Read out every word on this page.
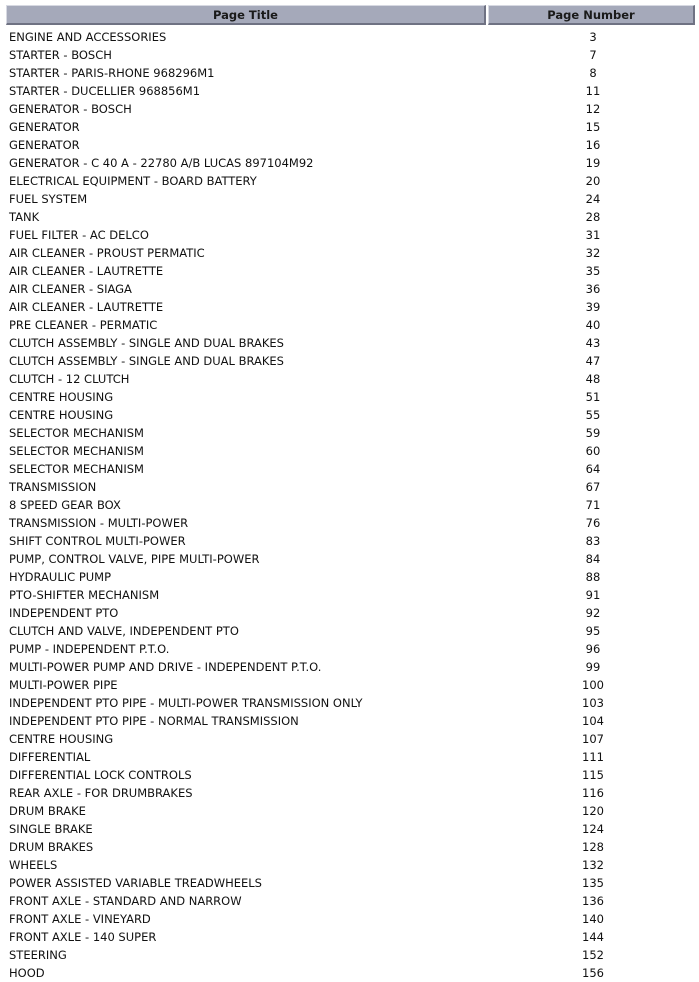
Page Title	Page Number

ENGINE AND ACCESSORIES	3
STARTER - BOSCH	7
STARTER - PARIS-RHONE 968296M1	8
STARTER - DUCELLIER 968856M1	11
GENERATOR - BOSCH	12
GENERATOR	15
GENERATOR	16
GENERATOR - C 40 A - 22780 A/B LUCAS 897104M92	19
ELECTRICAL EQUIPMENT - BOARD BATTERY	20
FUEL SYSTEM	24
TANK	28
FUEL FILTER - AC DELCO	31
AIR CLEANER - PROUST PERMATIC	32
AIR CLEANER - LAUTRETTE	35
AIR CLEANER - SIAGA	36
AIR CLEANER - LAUTRETTE	39
PRE CLEANER - PERMATIC	40
CLUTCH ASSEMBLY - SINGLE AND DUAL BRAKES	43
CLUTCH ASSEMBLY - SINGLE AND DUAL BRAKES	47
CLUTCH - 12 CLUTCH	48
CENTRE HOUSING	51
CENTRE HOUSING	55
SELECTOR MECHANISM	59
SELECTOR MECHANISM	60
SELECTOR MECHANISM	64
TRANSMISSION	67
8 SPEED GEAR BOX	71
TRANSMISSION - MULTI-POWER	76
SHIFT CONTROL MULTI-POWER	83
PUMP, CONTROL VALVE, PIPE MULTI-POWER	84
HYDRAULIC PUMP	88
PTO-SHIFTER MECHANISM	91
INDEPENDENT PTO	92
CLUTCH AND VALVE, INDEPENDENT PTO	95
PUMP - INDEPENDENT P.T.O.	96
MULTI-POWER PUMP AND DRIVE - INDEPENDENT P.T.O.	99
MULTI-POWER PIPE	100
INDEPENDENT PTO PIPE - MULTI-POWER TRANSMISSION ONLY	103
INDEPENDENT PTO PIPE - NORMAL TRANSMISSION	104
CENTRE HOUSING	107
DIFFERENTIAL	111
DIFFERENTIAL LOCK CONTROLS	115
REAR AXLE - FOR DRUMBRAKES	116
DRUM BRAKE	120
SINGLE BRAKE	124
DRUM BRAKES	128
WHEELS	132
POWER ASSISTED VARIABLE TREADWHEELS	135
FRONT AXLE - STANDARD AND NARROW	136
FRONT AXLE - VINEYARD	140
FRONT AXLE - 140 SUPER	144
STEERING	152
HOOD	156
